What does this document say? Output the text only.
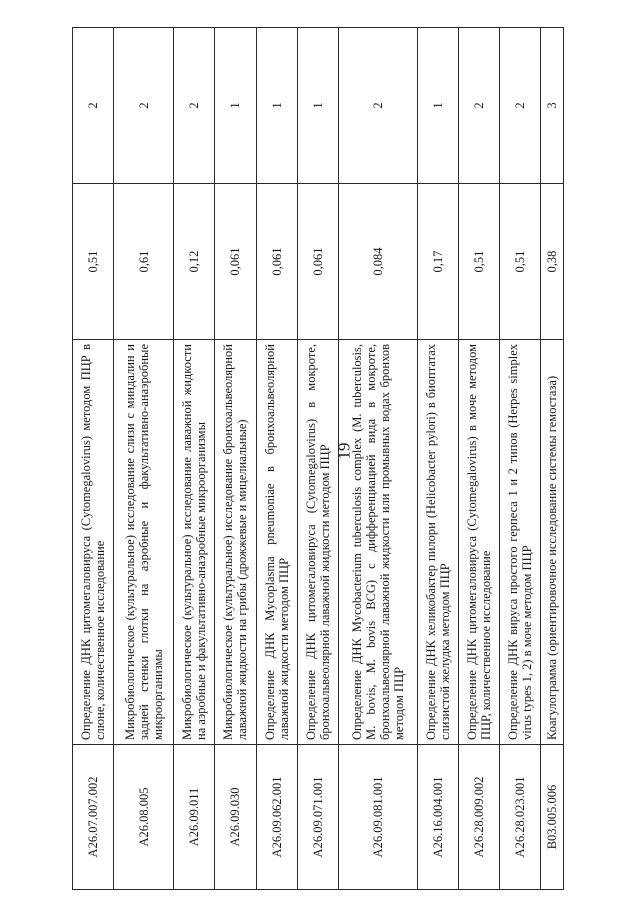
19
A26.07.007.002	Определение ДНК цитомегаловируса (Cytomegalovirus) методом ПЦР в слюне, количественное исследование	0,51	2
A26.08.005	Микробиологическое (культуральное) исследование слизи с миндалин и задней стенки глотки на аэробные и факультативно-анаэробные микроорганизмы	0,61	2
A26.09.011	Микробиологическое (культуральное) исследование лаважной жидкости на аэробные и факультативно-анаэробные микроорганизмы	0,12	2
A26.09.030	Микробиологическое (культуральное) исследование бронхоальвеолярной лаважной жидкости на грибы (дрожжевые и мицелиальные)	0,061	1
A26.09.062.001	Определение ДНК Mycoplasma pneumoniae в бронхоальвеолярной лаважной жидкости методом ПЦР	0,061	1
A26.09.071.001	Определение ДНК цитомегаловируса (Cytomegalovirus) в мокроте, бронхоальвеолярной лаважной жидкости методом ПЦР	0,061	1
A26.09.081.001	Определение ДНК Mycobacterium tuberculosis complex (M. tuberculosis, M. bovis, M. bovis BCG) с дифференциацией вида в мокроте, бронхоальвеолярной лаважной жидкости или промывных водах бронхов методом ПЦР	0,084	2
A26.16.004.001	Определение ДНК хеликобактер пилори (Helicobacter pylori) в биоптатах слизистой желудка методом ПЦР	0,17	1
A26.28.009.002	Определение ДНК цитомегаловируса (Cytomegalovirus) в моче методом ПЦР, количественное исследование	0,51	2
A26.28.023.001	Определение ДНК вируса простого герпеса 1 и 2 типов (Herpes simplex virus types 1, 2) в моче методом ПЦР	0,51	2
B03.005.006	Коагулограмма (ориентировочное исследование системы гемостаза)	0,38	3
